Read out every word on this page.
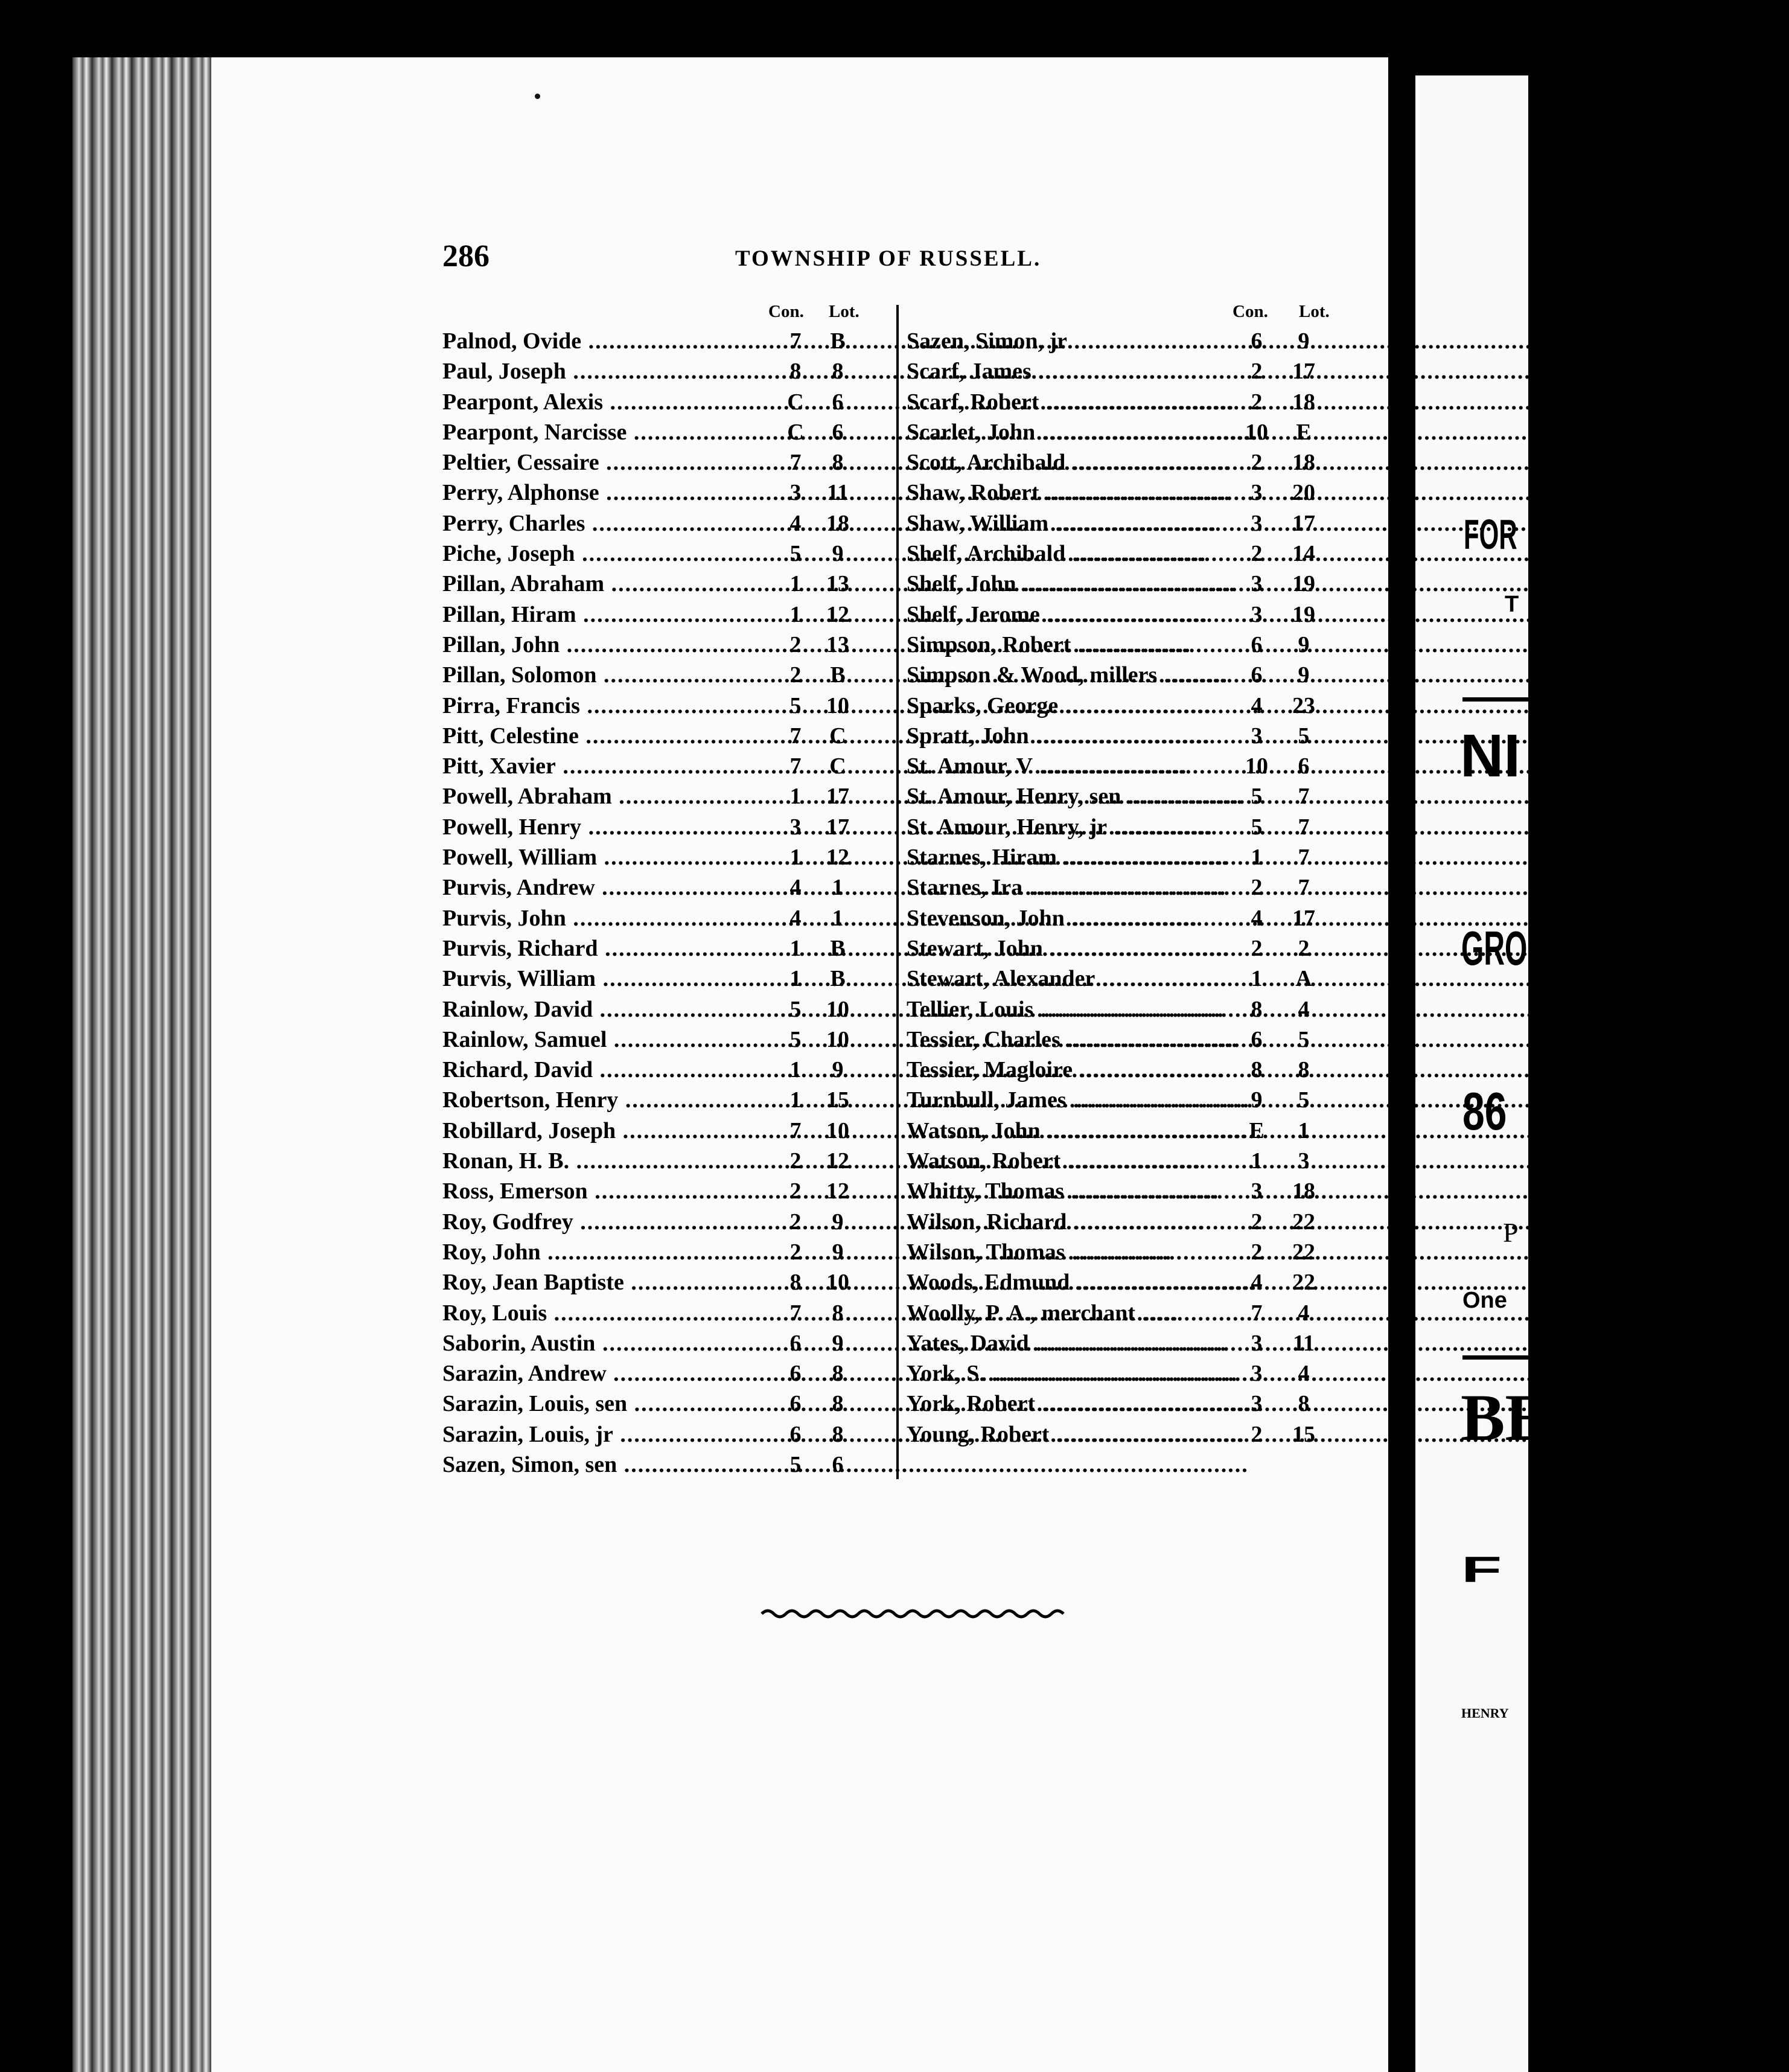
FOR
T
NI
GRO
86
P
One
BE
F
HENRY
286	TOWNSHIP OF RUSSELL.
Con. Lot.
Palnod, Ovide .....	7	B
Paul, Joseph .....	8	8
Pearpont, Alexis .....	C	6
Pearpont, Narcisse .....	C	6
Peltier, Cessaire .....	7	8
Perry, Alphonse .....	3	11
Perry, Charles .....	4	18
Piche, Joseph .....	5	9
Pillan, Abraham .....	1	13
Pillan, Hiram .....	1	12
Pillan, John .....	2	13
Pillan, Solomon .....	2	B
Pirra, Francis .....	5	10
Pitt, Celestine .....	7	C
Pitt, Xavier .....	7	C
Powell, Abraham .....	1	17
Powell, Henry .....	3	17
Powell, William .....	1	12
Purvis, Andrew .....	4	1
Purvis, John .....	4	1
Purvis, Richard .....	1	B
Purvis, William .....	1	B
Rainlow, David .....	5	10
Rainlow, Samuel .....	5	10
Richard, David .....	1	9
Robertson, Henry .....	1	15
Robillard, Joseph .....	7	10
Ronan, H. B. .....	2	12
Ross, Emerson .....	2	12
Roy, Godfrey .....	2	9
Roy, John .....	2	9
Roy, Jean Baptiste .....	8	10
Roy, Louis .....	7	8
Saborin, Austin .....	6	9
Sarazin, Andrew .....	6	8
Sarazin, Louis, sen .....	6	8
Sarazin, Louis, jr .....	6	8
Sazen, Simon, sen .....	5	6
Con. Lot.
Sazen, Simon, jr .....	6	9
Scarf, James .....	2	17
Scarf, Robert .....	2	18
Scarlet, John .....	10	E
Scott, Archibald .....	2	18
Shaw, Robert .....	3	20
Shaw, William .....	3	17
Shelf, Archibald .....	2	14
Shelf, John .....	3	19
Shelf, Jerome .....	3	19
Simpson, Robert .....	6	9
Simpson & Wood, millers .....	6	9
Sparks, George .....	4	23
Spratt, John .....	3	5
St. Amour, V .....	10	6
St. Amour, Henry, sen .....	5	7
St. Amour, Henry, jr .....	5	7
Starnes, Hiram .....	1	7
Starnes, Ira .....	2	7
Stevenson, John .....	4	17
Stewart, John .....	2	2
Stewart, Alexander .....	1	A
Tellier, Louis .....	8	4
Tessier, Charles .....	6	5
Tessier, Magloire .....	8	8
Turnbull, James .....	9	5
Watson, John .....	E	1
Watson, Robert .....	1	3
Whitty, Thomas .....	3	18
Wilson, Richard .....	2	22
Wilson, Thomas .....	2	22
Woods, Edmund .....	4	22
Woolly, P. A., merchant .....	7	4
Yates, David .....	3	11
York, S. .....	3	4
York, Robert .....	3	8
Young, Robert .....	2	15
